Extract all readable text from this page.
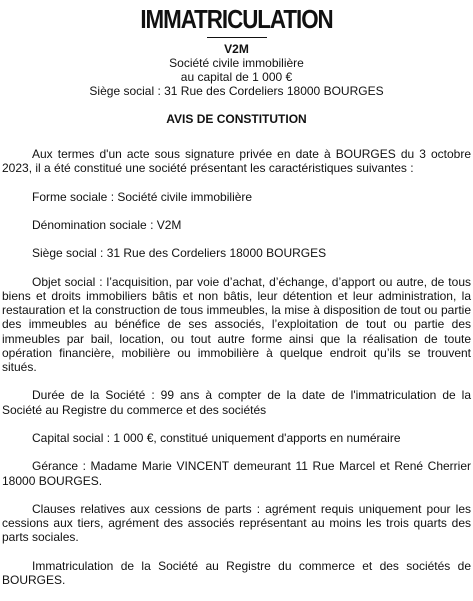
IMMATRICULATION
V2M
Société civile immobilière
au capital de 1 000 €
Siège social : 31 Rue des Cordeliers 18000 BOURGES
AVIS DE CONSTITUTION

Aux termes d'un acte sous signature privée en date à BOURGES du 3 octobre 2023, il a été constitué une société présentant les caractéristiques suivantes :

Forme sociale : Société civile immobilière

Dénomination sociale : V2M

Siège social : 31 Rue des Cordeliers 18000 BOURGES

Objet social : l’acquisition, par voie d’achat, d’échange, d’apport ou autre, de tous biens et droits immobiliers bâtis et non bâtis, leur détention et leur administration, la restauration et la construction de tous immeubles, la mise à disposition de tout ou partie des immeubles au bénéfice de ses associés, l’exploitation de tout ou partie des immeubles par bail, location, ou tout autre forme ainsi que la réalisation de toute opération financière, mobilière ou immobilière à quelque endroit qu’ils se trouvent situés.

Durée de la Société : 99 ans à compter de la date de l'immatriculation de la Société au Registre du commerce et des sociétés

Capital social : 1 000 €, constitué uniquement d'apports en numéraire

Gérance : Madame Marie VINCENT demeurant 11 Rue Marcel et René Cherrier 18000 BOURGES.

Clauses relatives aux cessions de parts : agrément requis uniquement pour les cessions aux tiers, agrément des associés représentant au moins les trois quarts des parts sociales.

Immatriculation de la Société au Registre du commerce et des sociétés de BOURGES.
